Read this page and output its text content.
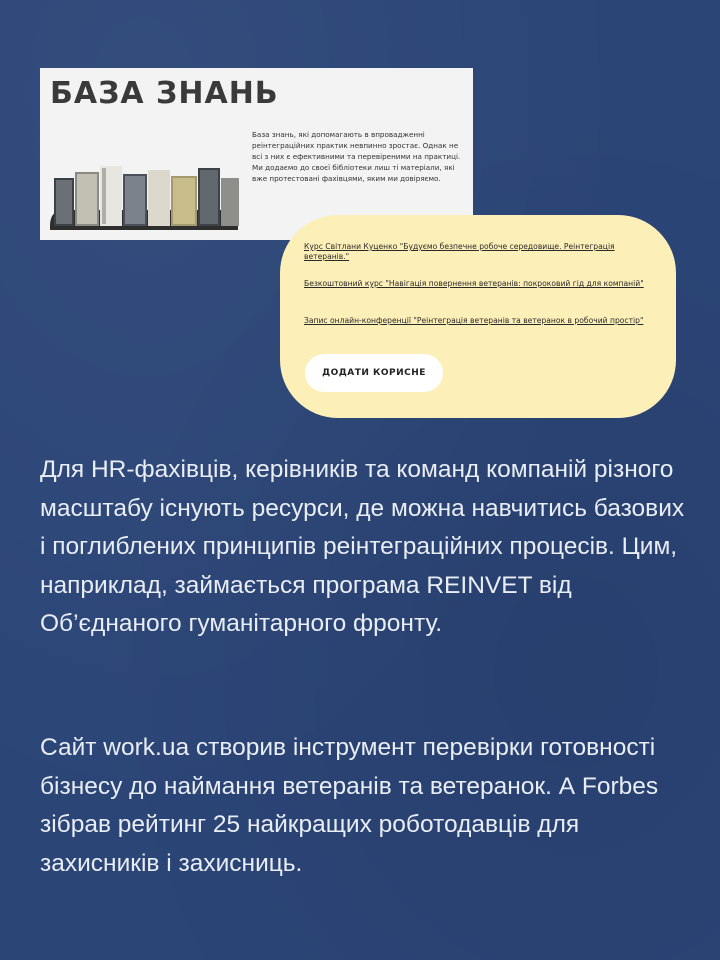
БАЗА ЗНАНЬ

База знань, які допомагають в впровадженні реінтеграційних практик невпинно зростає. Однак не всі з них є ефективними та перевіреними на практиці. Ми додаємо до своєї бібліотеки лиш ті матеріали, які вже протестовані фахівцями, яким ми довіряємо.

Курс Світлани Куценко "Будуємо безпечне робоче середовище. Реінтеграція ветеранів."
Безкоштовний курс "Навігація повернення ветеранів: покроковий гід для компаній"
Запис онлайн-конференції "Реінтеграція ветеранів та ветеранок в робочий простір"
ДОДАТИ КОРИСНЕ

Для HR-фахівців, керівників та команд компаній різного масштабу існують ресурси, де можна навчитись базових і поглиблених принципів реінтеграційних процесів. Цим, наприклад, займається програма REINVET від Об’єднаного гуманітарного фронту.

Сайт work.ua створив інструмент перевірки готовності бізнесу до наймання ветеранів та ветеранок. А Forbes зібрав рейтинг 25 найкращих роботодавців для захисників і захисниць.
